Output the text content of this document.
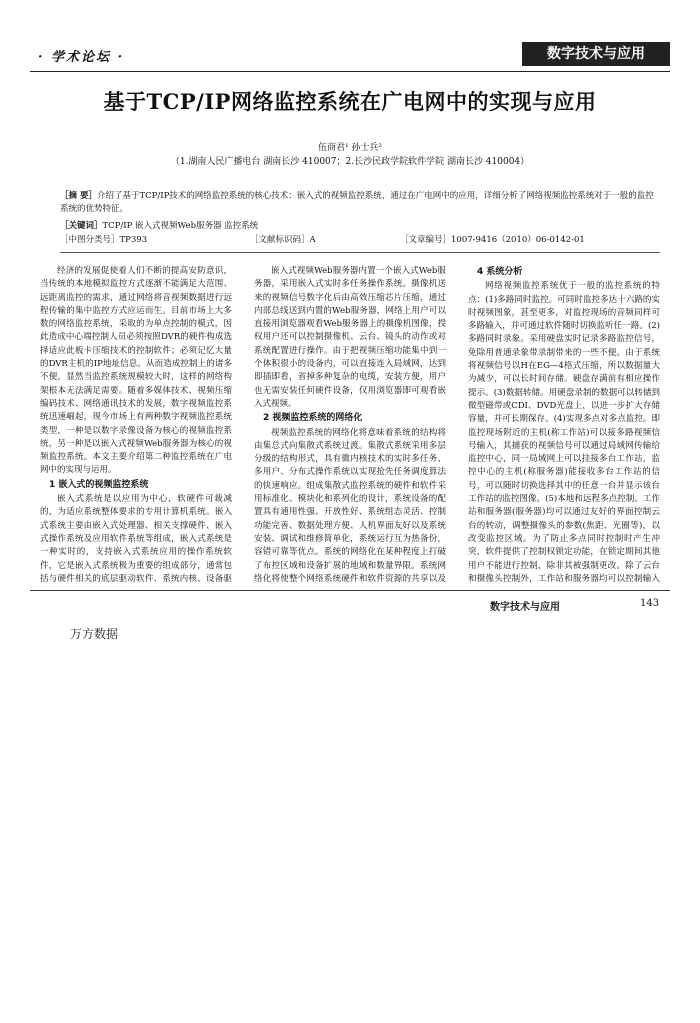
· 学术论坛 ·	数字技术与应用
基于TCP/IP网络监控系统在广电网中的实现与应用
伍商君¹ 孙士兵²
（1.湖南人民广播电台 湖南长沙 410007；2.长沙民政学院软件学院 湖南长沙 410004）
［摘 要］介绍了基于TCP/IP技术的网络监控系统的核心技术：嵌入式的视频监控系统，通过在广电网中的应用，详细分析了网络视频监控系统对于一般的监控系统的优势特征。
［关键词］TCP/IP 嵌入式视频Web服务器 监控系统
［中图分类号］TP393	［文献标识码］A	［文章编号］1007-9416（2010）06-0142-01

经济的发展促使着人们不断的提高安防意识，当传统的本地模拟监控方式逐渐不能满足大范围、远距离监控的需求，通过网络将音视频数据进行远程传输的集中监控方式应运而生。目前市场上大多数的网络监控系统，采取的为单点控制的模式，因此造成中心端控制人员必须按照DVR的硬件构成选择适应此板卡压缩技术的控制软件；必须记忆大量的DVR主机的IP地址信息。从而造成控制上的诸多不便，显然当监控系统规模较大时，这样的网络构架根本无法满足需要。随着多媒体技术、视频压缩编码技术、网络通讯技术的发展，数字视频监控系统迅速崛起，现今市场上有两种数字视频监控系统类型，一种是以数字录像设备为核心的视频监控系统，另一种是以嵌入式视频Web服务器为核心的视频监控系统。本文主要介绍第二种监控系统在广电网中的实现与运用。

1 嵌入式的视频监控系统

嵌入式系统是以应用为中心，软硬件可裁减的，为适应系统整体要求的专用计算机系统。嵌入式系统主要由嵌入式处理器、相关支撑硬件、嵌入式操作系统及应用软件系统等组成，嵌入式系统是一种实时的，支持嵌入式系统应用的操作系统软件，它是嵌入式系统极为重要的组成部分，通常包括与硬件相关的底层驱动软件、系统内核、设备驱

嵌入式视频Web服务器内置一个嵌入式Web服务器，采用嵌入式实时多任务操作系统。摄像机送来的视频信号数字化后由高效压缩芯片压缩，通过内部总线送到内置的Web服务器，网络上用户可以直接用浏览器观看Web服务器上的摄像机图像，授权用户还可以控制摄像机、云台、镜头的动作或对系统配置进行操作。由于把视频压缩功能集中到一个体积很小的设备内，可以直接连入局域网，达到即插即看，省掉多种复杂的电缆，安装方便，用户也无需安装任何硬件设备，仅用浏览器即可观看嵌入式视频。

2 视频监控系统的网络化

视频监控系统的网络化将意味着系统的结构将由集总式向集散式系统过渡。集散式系统采用多层分级的结构形式，具有微内核技术的实时多任务、多用户、分布式操作系统以实现抢先任务调度算法的快速响应。组成集散式监控系统的硬件和软件采用标准化、模块化和系列化的设计，系统设备的配置具有通用性强、开放性好、系统组态灵活、控制功能完善、数据处理方便、人机界面友好以及系统安装、调试和维修简单化，系统运行互为热备份，容错可靠等优点。系统的网络化在某种程度上打破了布控区域和设备扩展的地域和数量界限。系统网络化将使整个网络系统硬件和软件资源的共享以及

4 系统分析

网络视频监控系统优于一般的监控系统的特点：(1)多路同时监控。可同时监控多达十六路的实时视频图象，甚至更多，对监控现场的音频同样可多路输入，并可通过软件随时切换监听任一路。(2)多路同时录象。采用硬盘实时记录多路监控信号，免除用普通录象带录制带来的一些不便。由于系统将视频信号以H在EG—4格式压缩，所以数据量大为减少，可以长时间存储。硬盘存满前有相应操作提示。(3)数据转储。用硬盘录制的数据可以转储到微型磁带或CDI、DVD光盘上，以进一步扩大存储容量，并可长期保存。(4)实现多点对多点监控。即监控现场附近的主机(称工作站)可以接多路视频信号输入，其捕获的视频信号可以通过局域网传输给监控中心，同一局域网上可以挂接多台工作站，监控中心的主机(称服务器)能接收多台工作站的信号，可以随时切换选择其中的任意一台并显示该台工作站的监控图像。(5)本地和远程多点控制。工作站和服务器(服务器)均可以通过友好的界面控制云台的转动，调整摄像头的参数(焦距、光圈等)，以改变监控区域。为了防止多点同时控制时产生冲突，软件提供了控制权锁定功能，在锁定期间其他用户不能进行控制，除非其被强制更改。除了云台和摄像头控制外，工作站和服务器均可以控制输入

数字技术与应用	143
万方数据
